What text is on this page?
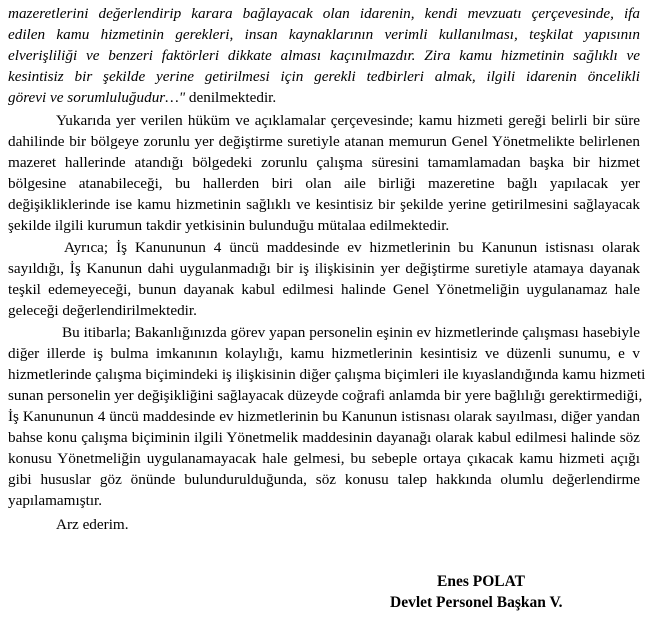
mazeretlerini değerlendirip karara bağlayacak olan idarenin, kendi mevzuatı çerçevesinde, ifa
edilen kamu hizmetinin gerekleri, insan kaynaklarının verimli kullanılması, teşkilat yapısının
elverişliliği ve benzeri faktörleri dikkate alması kaçınılmazdır. Zira kamu hizmetinin sağlıklı ve
kesintisiz bir şekilde yerine getirilmesi için gerekli tedbirleri almak, ilgili idarenin öncelikli
görevi ve sorumluluğudur…" denilmektedir.
Yukarıda yer verilen hüküm ve açıklamalar çerçevesinde; kamu hizmeti gereği belirli bir süre
dahilinde bir bölgeye zorunlu yer değiştirme suretiyle atanan memurun Genel Yönetmelikte belirlenen
mazeret hallerinde atandığı bölgedeki zorunlu çalışma süresini tamamlamadan başka bir hizmet
bölgesine atanabileceği, bu hallerden biri olan aile birliği mazeretine bağlı yapılacak yer
değişikliklerinde ise kamu hizmetinin sağlıklı ve kesintisiz bir şekilde yerine getirilmesini sağlayacak
şekilde ilgili kurumun takdir yetkisinin bulunduğu mütalaa edilmektedir.
Ayrıca; İş Kanununun 4 üncü maddesinde ev hizmetlerinin bu Kanunun istisnası olarak
sayıldığı, İş Kanunun dahi uygulanmadığı bir iş ilişkisinin yer değiştirme suretiyle atamaya dayanak
teşkil edemeyeceği, bunun dayanak kabul edilmesi halinde Genel Yönetmeliğin uygulanamaz hale
geleceği değerlendirilmektedir.
Bu itibarla; Bakanlığınızda görev yapan personelin eşinin ev hizmetlerinde çalışması hasebiyle
diğer illerde iş bulma imkanının kolaylığı, kamu hizmetlerinin kesintisiz ve düzenli sunumu, e v
hizmetlerinde çalışma biçimindeki iş ilişkisinin diğer çalışma biçimleri ile kıyaslandığında kamu hizmeti
sunan personelin yer değişikliğini sağlayacak düzeyde coğrafi anlamda bir yere bağlılığı gerektirmediği,
İş Kanununun 4 üncü maddesinde ev hizmetlerinin bu Kanunun istisnası olarak sayılması, diğer yandan
bahse konu çalışma biçiminin ilgili Yönetmelik maddesinin dayanağı olarak kabul edilmesi halinde söz
konusu Yönetmeliğin uygulanamayacak hale gelmesi, bu sebeple ortaya çıkacak kamu hizmeti açığı
gibi hususlar göz önünde bulundurulduğunda, söz konusu talep hakkında olumlu değerlendirme
yapılamamıştır.
Arz ederim.
Enes POLAT
Devlet Personel Başkan V.
